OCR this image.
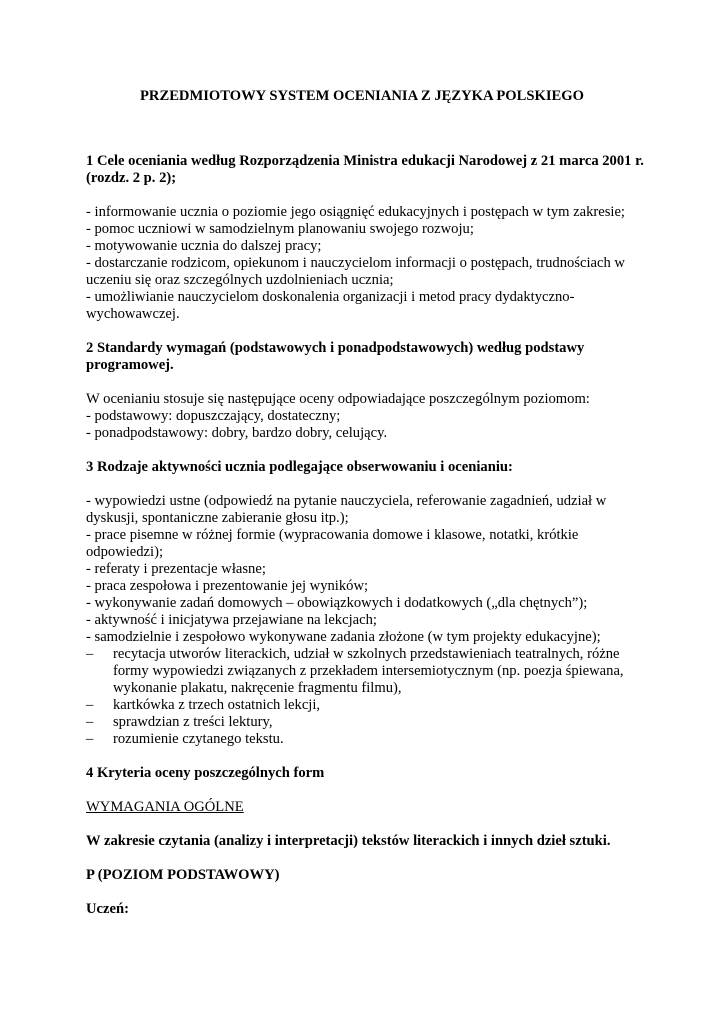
PRZEDMIOTOWY SYSTEM OCENIANIA Z JĘZYKA POLSKIEGO

1 Cele oceniania według Rozporządzenia Ministra edukacji Narodowej z 21 marca 2001 r. (rozdz. 2 p. 2);

- informowanie ucznia o poziomie jego osiągnięć edukacyjnych i postępach w tym zakresie;

- pomoc uczniowi w samodzielnym planowaniu swojego rozwoju;

- motywowanie ucznia do dalszej pracy;

- dostarczanie rodzicom, opiekunom i nauczycielom informacji o postępach, trudnościach w uczeniu się oraz szczególnych uzdolnieniach ucznia;

- umożliwianie nauczycielom doskonalenia organizacji i metod pracy dydaktyczno-wychowawczej.

2 Standardy wymagań (podstawowych i ponadpodstawowych) według podstawy programowej.

W ocenianiu stosuje się następujące oceny odpowiadające poszczególnym poziomom:

- podstawowy: dopuszczający, dostateczny;

- ponadpodstawowy: dobry, bardzo dobry, celujący.

3 Rodzaje aktywności ucznia podlegające obserwowaniu i ocenianiu:

- wypowiedzi ustne (odpowiedź na pytanie nauczyciela, referowanie zagadnień, udział w dyskusji, spontaniczne zabieranie głosu itp.);

- prace pisemne w różnej formie (wypracowania domowe i klasowe, notatki, krótkie odpowiedzi);

- referaty i prezentacje własne;

- praca zespołowa i prezentowanie jej wyników;

- wykonywanie zadań domowych – obowiązkowych i dodatkowych („dla chętnych”);

- aktywność i inicjatywa przejawiane na lekcjach;

- samodzielnie i zespołowo wykonywane zadania złożone (w tym projekty edukacyjne);

–	recytacja utworów literackich, udział w szkolnych przedstawieniach teatralnych, różne formy wypowiedzi związanych z przekładem intersemiotycznym (np. poezja śpiewana, wykonanie plakatu, nakręcenie fragmentu filmu),
–	kartkówka z trzech ostatnich lekcji,
–	sprawdzian z treści lektury,
–	rozumienie czytanego tekstu.

4 Kryteria oceny poszczególnych form

WYMAGANIA OGÓLNE

W zakresie czytania (analizy i interpretacji) tekstów literackich i innych dzieł sztuki.

P (POZIOM PODSTAWOWY)

Uczeń:
